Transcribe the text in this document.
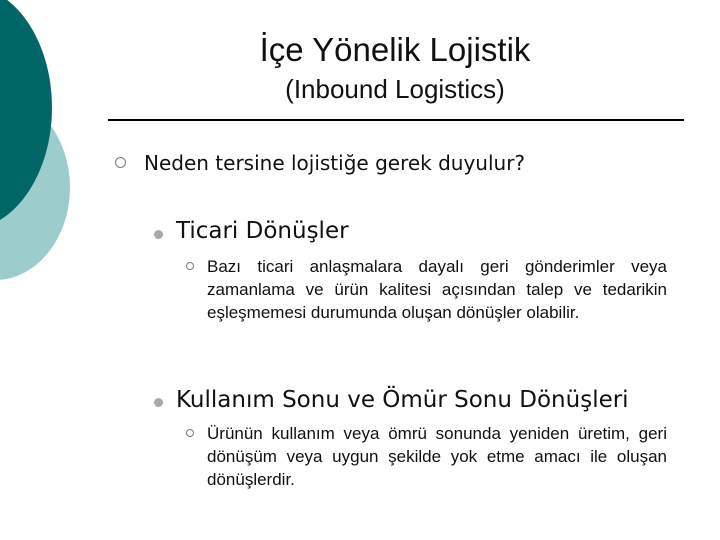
İçe Yönelik Lojistik
(Inbound Logistics)
Neden tersine lojistiğe gerek duyulur?
Ticari Dönüşler
Bazı ticari anlaşmalara dayalı geri gönderimler veya zamanlama ve ürün kalitesi açısından talep ve tedarikin eşleşmemesi durumunda oluşan dönüşler olabilir.
Kullanım Sonu ve Ömür Sonu Dönüşleri
Ürünün kullanım veya ömrü sonunda yeniden üretim, geri dönüşüm veya uygun şekilde yok etme amacı ile oluşan dönüşlerdir.
